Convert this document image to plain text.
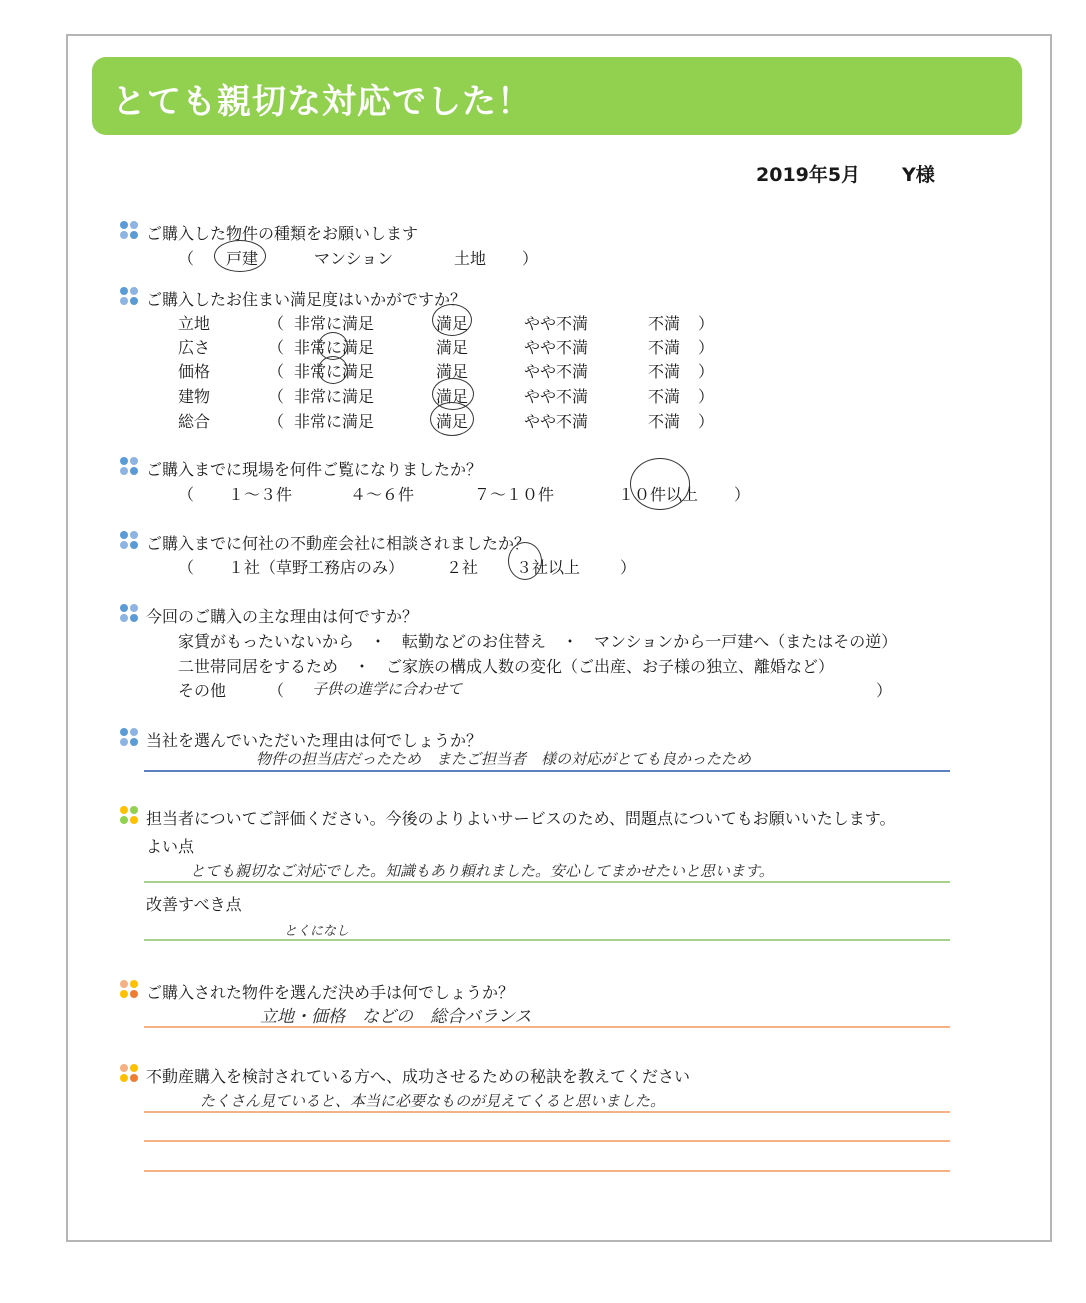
とても親切な対応でした！
2019年5月 Y様
ご購入した物件の種類をお願いします
（ 戸建	マンション	土地 ）
ご購入したお住まい満足度はいかがですか？
立地	（ 非常に満足	満足	やや不満	不満 ）
広さ	（ 非常に満足	満足	やや不満	不満 ）
価格	（ 非常に満足	満足	やや不満	不満 ）
建物	（ 非常に満足	満足	やや不満	不満 ）
総合	（ 非常に満足	満足	やや不満	不満 ）
ご購入までに現場を何件ご覧になりましたか？
（ １～３件	４～６件	７～１０件	１０件以上 ）
ご購入までに何社の不動産会社に相談されましたか？
（ １社（草野工務店のみ）	２社 ３社以上 ）
今回のご購入の主な理由は何ですか？
家賃がもったいないから　・　転勤などのお住替え　・　マンションから一戸建へ（またはその逆）
二世帯同居をするため　・　ご家族の構成人数の変化（ご出産、お子様の独立、離婚など）
その他	（ 子供の進学に合わせて	）
当社を選んでいただいた理由は何でしょうか？
物件の担当店だったため　またご担当者　様の対応がとても良かったため
担当者についてご評価ください。今後のよりよいサービスのため、問題点についてもお願いいたします。
よい点
とても親切なご対応でした。知識もあり頼れました。安心してまかせたいと思います。
改善すべき点
とくになし
ご購入された物件を選んだ決め手は何でしょうか？
立地・価格　などの　総合バランス
不動産購入を検討されている方へ、成功させるための秘訣を教えてください
たくさん見ていると、本当に必要なものが見えてくると思いました。
